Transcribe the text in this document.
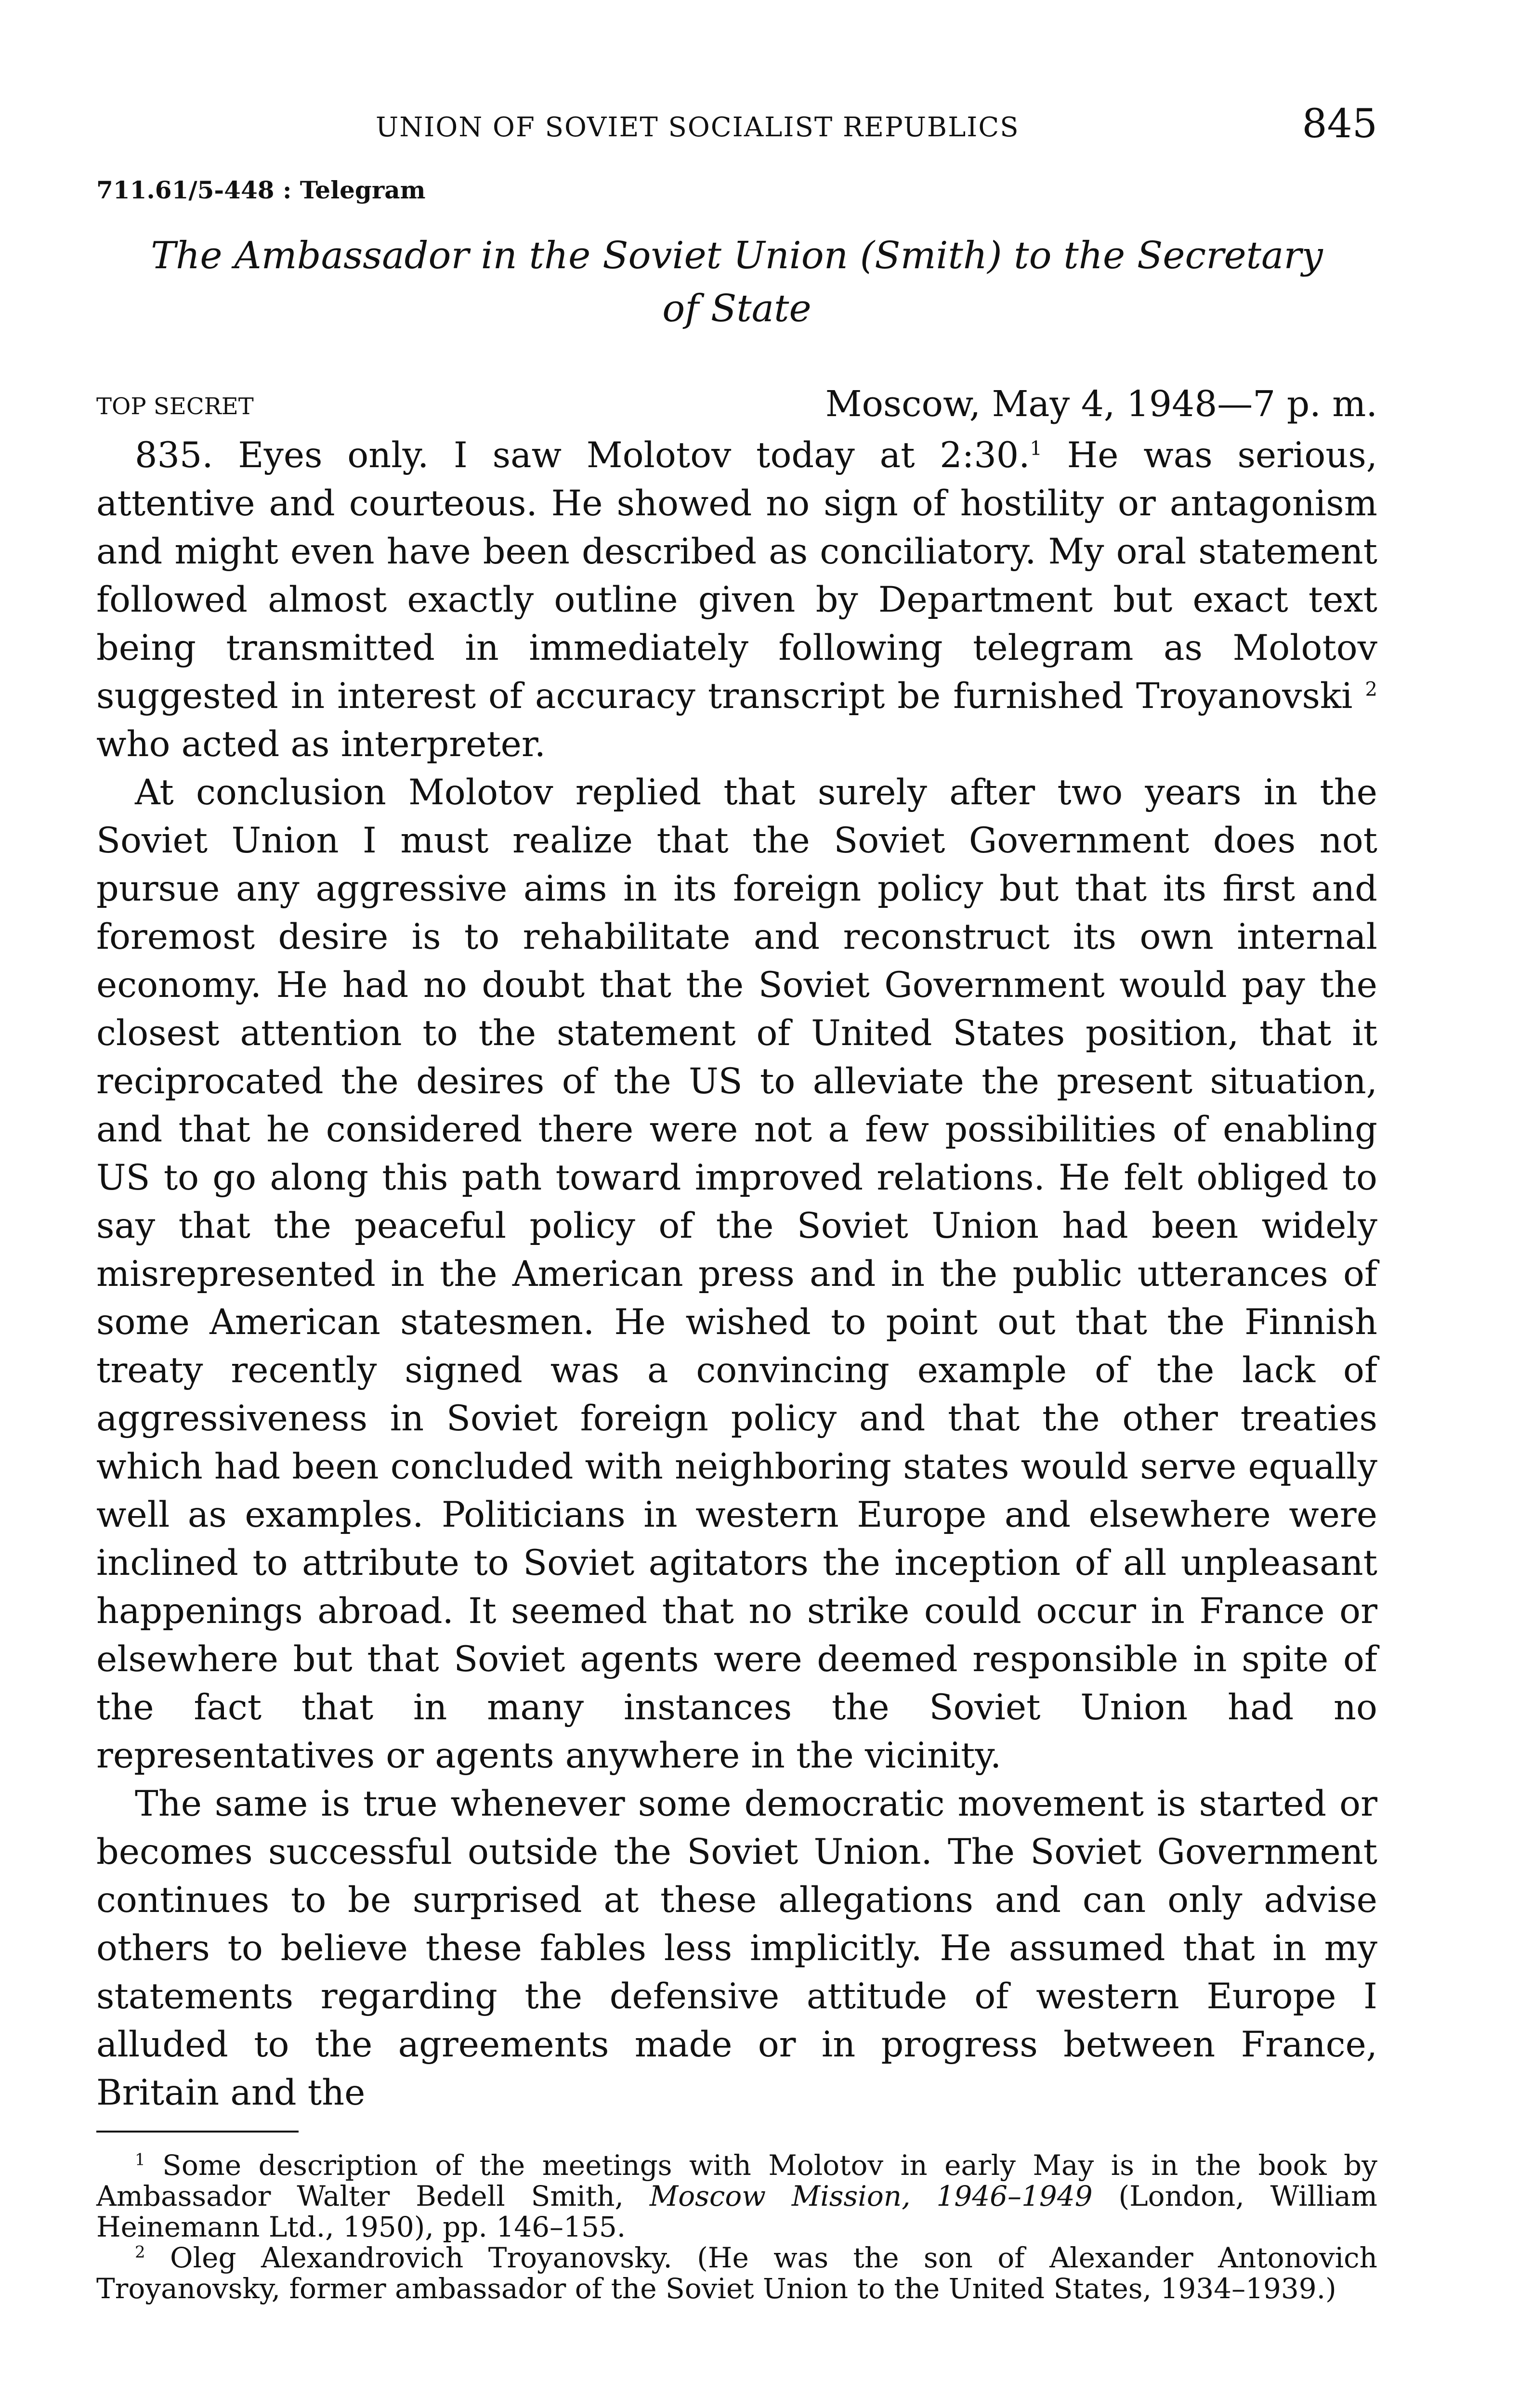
UNION OF SOVIET SOCIALIST REPUBLICS	845
711.61/5-448 : Telegram
The Ambassador in the Soviet Union (Smith) to the Secretary of State
TOP SECRET	Moscow, May 4, 1948—7 p. m.

835. Eyes only. I saw Molotov today at 2:30.$^1$ He was serious, attentive and courteous. He showed no sign of hostility or antagonism and might even have been described as conciliatory. My oral statement followed almost exactly outline given by Department but exact text being transmitted in immediately following telegram as Molotov suggested in interest of accuracy transcript be furnished Troyanovski $^2$ who acted as interpreter.

At conclusion Molotov replied that surely after two years in the Soviet Union I must realize that the Soviet Government does not pursue any aggressive aims in its foreign policy but that its first and foremost desire is to rehabilitate and reconstruct its own internal economy. He had no doubt that the Soviet Government would pay the closest attention to the statement of United States position, that it reciprocated the desires of the US to alleviate the present situation, and that he considered there were not a few possibilities of enabling US to go along this path toward improved relations. He felt obliged to say that the peaceful policy of the Soviet Union had been widely misrepresented in the American press and in the public utterances of some American statesmen. He wished to point out that the Finnish treaty recently signed was a convincing example of the lack of aggressiveness in Soviet foreign policy and that the other treaties which had been concluded with neighboring states would serve equally well as examples. Politicians in western Europe and elsewhere were inclined to attribute to Soviet agitators the inception of all unpleasant happenings abroad. It seemed that no strike could occur in France or elsewhere but that Soviet agents were deemed responsible in spite of the fact that in many instances the Soviet Union had no representatives or agents anywhere in the vicinity.

The same is true whenever some democratic movement is started or becomes successful outside the Soviet Union. The Soviet Government continues to be surprised at these allegations and can only advise others to believe these fables less implicitly. He assumed that in my statements regarding the defensive attitude of western Europe I alluded to the agreements made or in progress between France, Britain and the

$^1$ Some description of the meetings with Molotov in early May is in the book by Ambassador Walter Bedell Smith, Moscow Mission, 1946–1949 (London, William Heinemann Ltd., 1950), pp. 146–155.

$^2$ Oleg Alexandrovich Troyanovsky. (He was the son of Alexander Antonovich Troyanovsky, former ambassador of the Soviet Union to the United States, 1934–1939.)
